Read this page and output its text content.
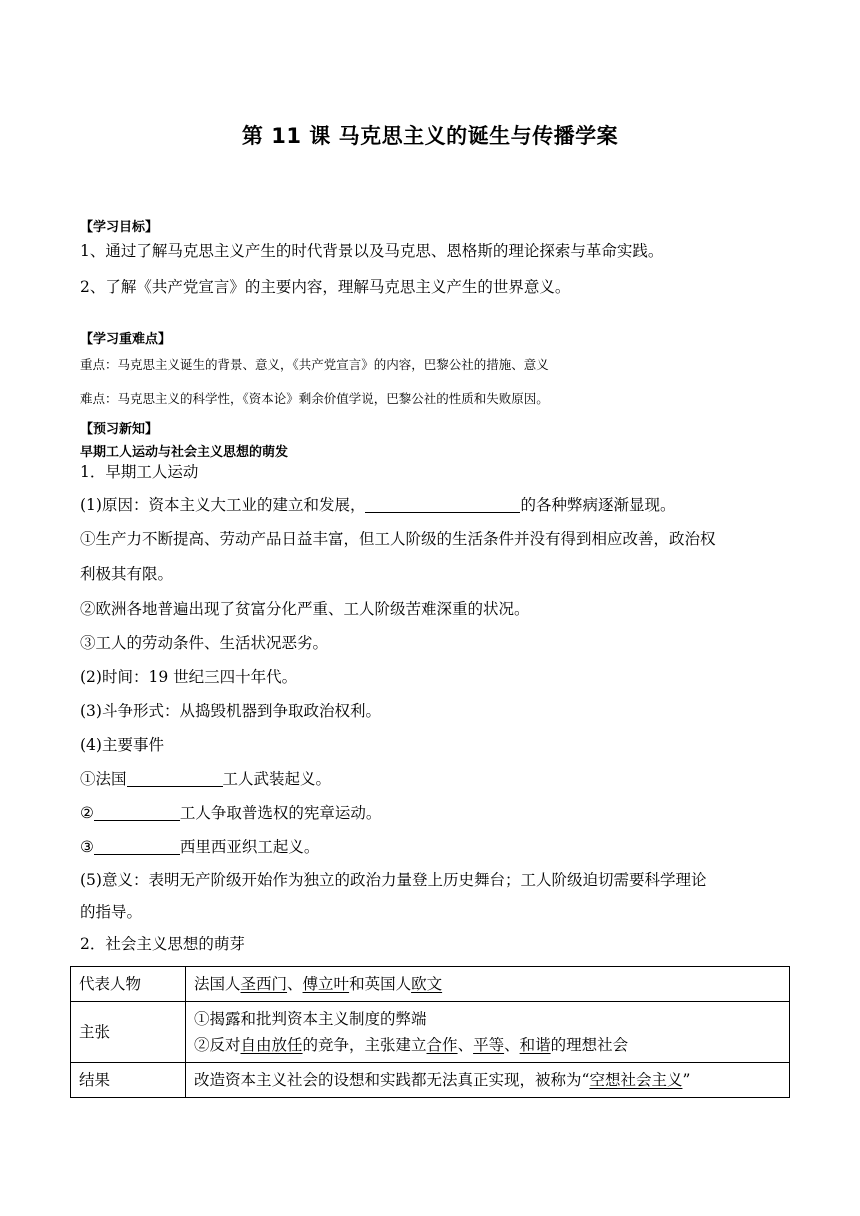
第 11 课 马克思主义的诞生与传播学案
【学习目标】
1、通过了解马克思主义产生的时代背景以及马克思、恩格斯的理论探索与革命实践。
2、了解《共产党宣言》的主要内容，理解马克思主义产生的世界意义。
【学习重难点】
重点：马克思主义诞生的背景、意义，《共产党宣言》的内容，巴黎公社的措施、意义
难点：马克思主义的科学性，《资本论》剩余价值学说，巴黎公社的性质和失败原因。
【预习新知】
早期工人运动与社会主义思想的萌发
1．早期工人运动
(1)原因：资本主义大工业的建立和发展，	的各种弊病逐渐显现。
①生产力不断提高、劳动产品日益丰富，但工人阶级的生活条件并没有得到相应改善，政治权
利极其有限。
②欧洲各地普遍出现了贫富分化严重、工人阶级苦难深重的状况。
③工人的劳动条件、生活状况恶劣。
(2)时间：19 世纪三四十年代。
(3)斗争形式：从捣毁机器到争取政治权利。
(4)主要事件
①法国	工人武装起义。
②	工人争取普选权的宪章运动。
③	西里西亚织工起义。
(5)意义：表明无产阶级开始作为独立的政治力量登上历史舞台；工人阶级迫切需要科学理论
的指导。
2．社会主义思想的萌芽
代表人物	法国人圣西门、傅立叶和英国人欧文
主张	①揭露和批判资本主义制度的弊端
②反对自由放任的竞争，主张建立合作、平等、和谐的理想社会

结果	改造资本主义社会的设想和实践都无法真正实现，被称为“空想社会主义”
